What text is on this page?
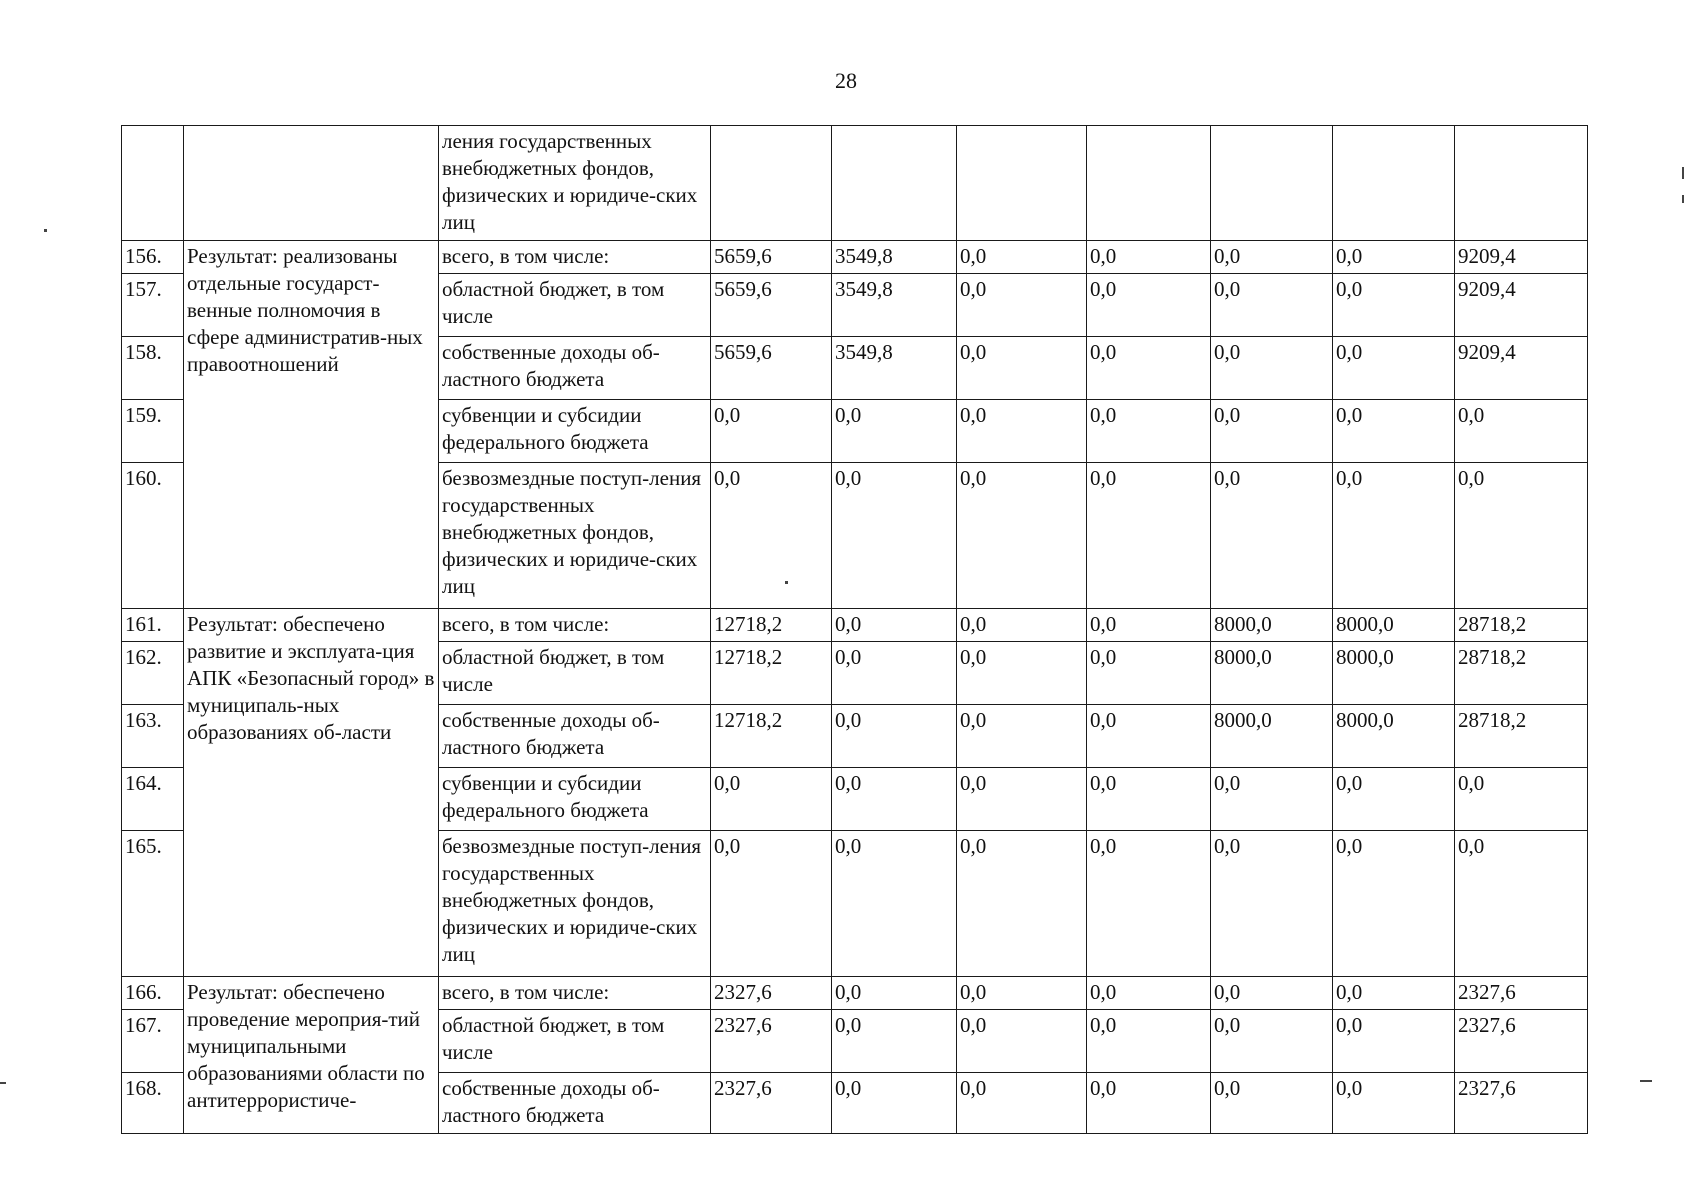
28
		ления государственных внебюджетных фондов, физических и юридиче-ских лиц							
156.	Результат: реализованы отдельные государст-венные полномочия в сфере административ-ных правоотношений	всего, в том числе:	5659,6	3549,8	0,0	0,0	0,0	0,0	9209,4
157.		областной бюджет, в том числе	5659,6	3549,8	0,0	0,0	0,0	0,0	9209,4
158.		собственные доходы об-ластного бюджета	5659,6	3549,8	0,0	0,0	0,0	0,0	9209,4
159.		субвенции и субсидии федерального бюджета	0,0	0,0	0,0	0,0	0,0	0,0	0,0
160.		безвозмездные поступ-ления государственных внебюджетных фондов, физических и юридиче-ских лиц	0,0	0,0	0,0	0,0	0,0	0,0	0,0
161.	Результат: обеспечено развитие и эксплуата-ция АПК «Безопасный город» в муниципаль-ных образованиях об-ласти	всего, в том числе:	12718,2	0,0	0,0	0,0	8000,0	8000,0	28718,2
162.		областной бюджет, в том числе	12718,2	0,0	0,0	0,0	8000,0	8000,0	28718,2
163.		собственные доходы об-ластного бюджета	12718,2	0,0	0,0	0,0	8000,0	8000,0	28718,2
164.		субвенции и субсидии федерального бюджета	0,0	0,0	0,0	0,0	0,0	0,0	0,0
165.		безвозмездные поступ-ления государственных внебюджетных фондов, физических и юридиче-ских лиц	0,0	0,0	0,0	0,0	0,0	0,0	0,0
166.	Результат: обеспечено проведение мероприя-тий муниципальными образованиями области по антитеррористиче-	всего, в том числе:	2327,6	0,0	0,0	0,0	0,0	0,0	2327,6
167.		областной бюджет, в том числе	2327,6	0,0	0,0	0,0	0,0	0,0	2327,6
168.		собственные доходы об-ластного бюджета	2327,6	0,0	0,0	0,0	0,0	0,0	2327,6
